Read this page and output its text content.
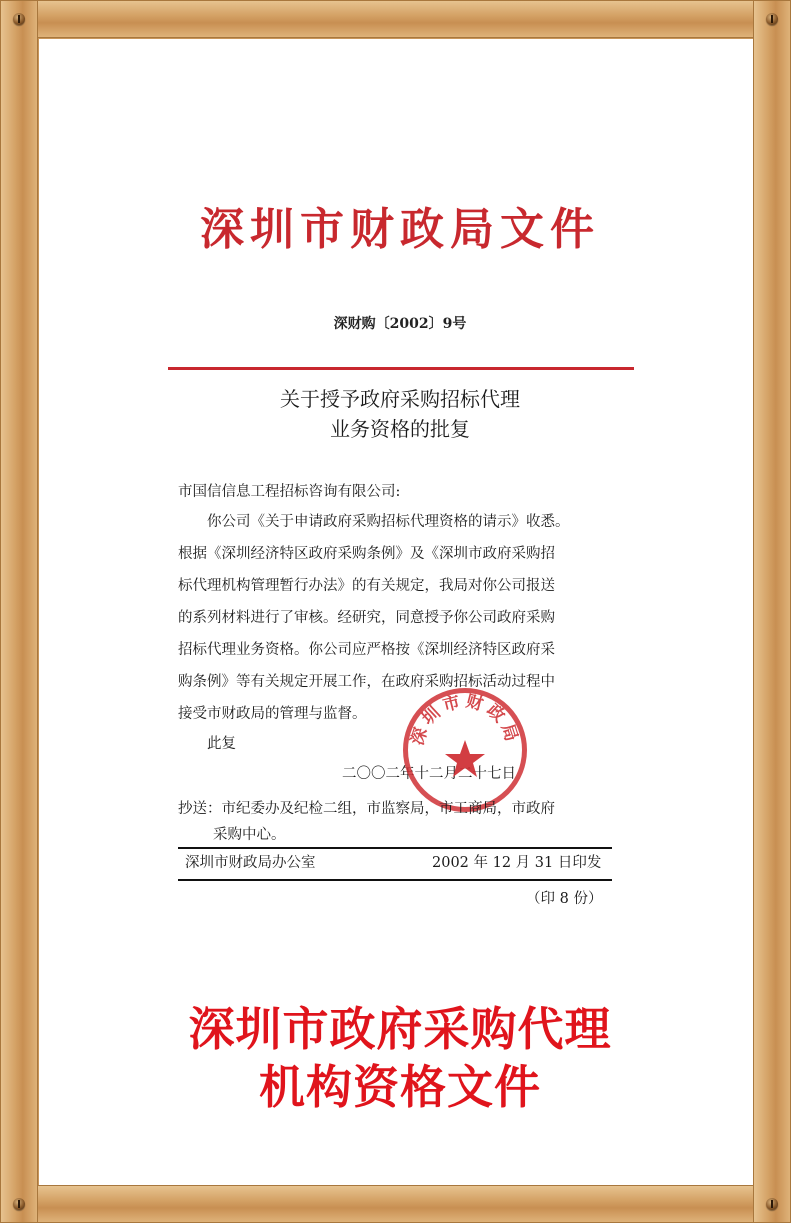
深圳市财政局文件
深财购〔2002〕9号
关于授予政府采购招标代理
业务资格的批复
市国信信息工程招标咨询有限公司:
你公司《关于申请政府采购招标代理资格的请示》收悉。
根据《深圳经济特区政府采购条例》及《深圳市政府采购招
标代理机构管理暂行办法》的有关规定，我局对你公司报送
的系列材料进行了审核。经研究，同意授予你公司政府采购
招标代理业务资格。你公司应严格按《深圳经济特区政府采
购条例》等有关规定开展工作，在政府采购招标活动过程中
接受市财政局的管理与监督。
此复
二〇〇二年十二月二十七日
深圳市财政局
抄送：市纪委办及纪检二组，市监察局，市工商局，市政府
采购中心。
深圳市财政局办公室	2002 年 12 月 31 日印发
（印 8 份）
深圳市政府采购代理
机构资格文件
